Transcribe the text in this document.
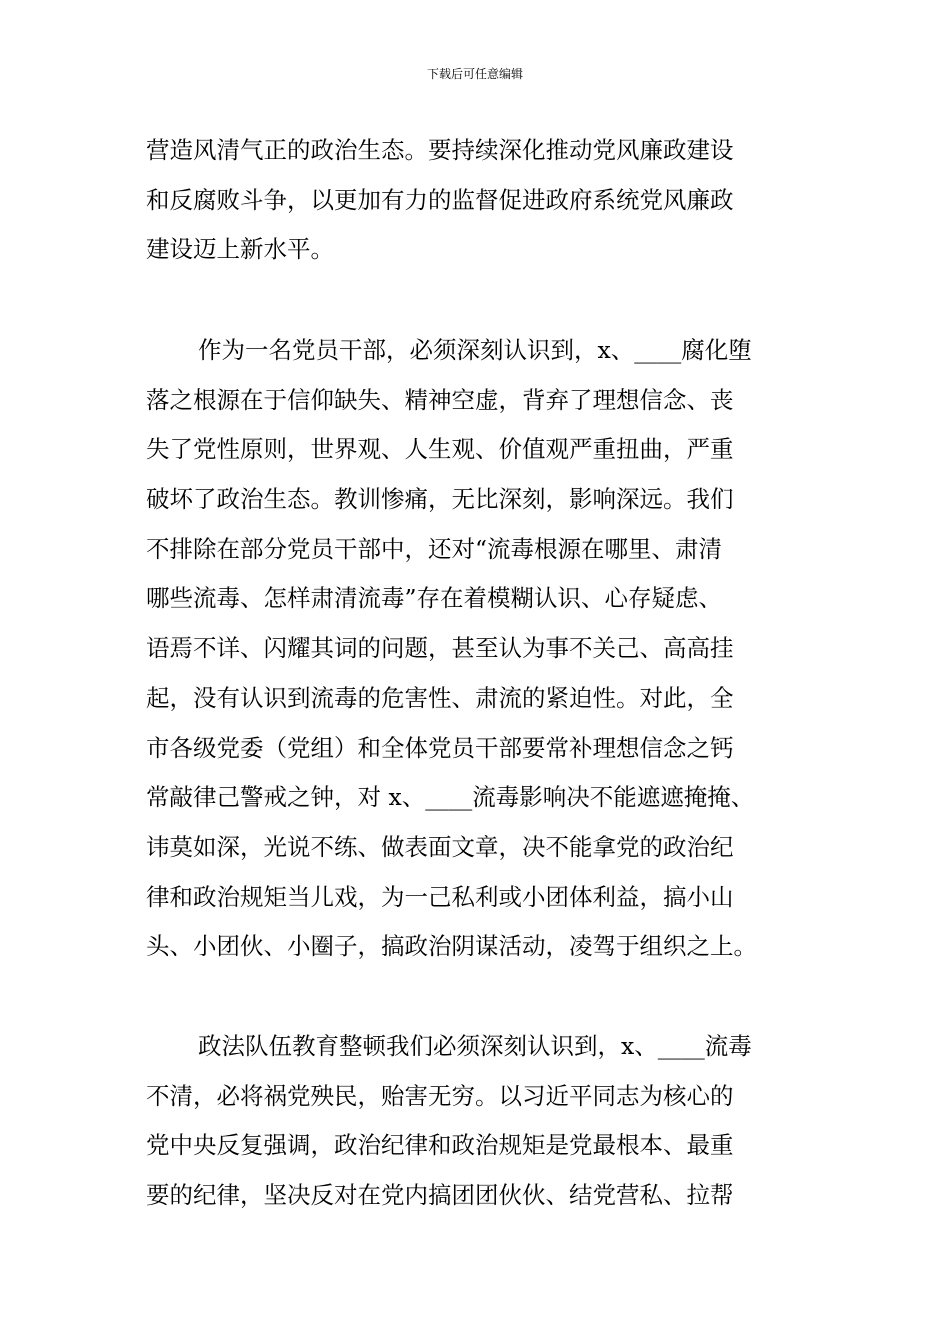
下载后可任意编辑
营造风清气正的政治生态。要持续深化推动党风廉政建设
和反腐败斗争，以更加有力的监督促进政府系统党风廉政
建设迈上新水平。
作为一名党员干部，必须深刻认识到，x、____腐化堕
落之根源在于信仰缺失、精神空虚，背弃了理想信念、丧
失了党性原则，世界观、人生观、价值观严重扭曲，严重
破坏了政治生态。教训惨痛，无比深刻，影响深远。我们
不排除在部分党员干部中，还对“流毒根源在哪里、肃清
哪些流毒、怎样肃清流毒”存在着模糊认识、心存疑虑、
语焉不详、闪耀其词的问题，甚至认为事不关己、高高挂
起，没有认识到流毒的危害性、肃流的紧迫性。对此，全
市各级党委（党组）和全体党员干部要常补理想信念之钙
常敲律己警戒之钟，对 x、____流毒影响决不能遮遮掩掩、
讳莫如深，光说不练、做表面文章，决不能拿党的政治纪
律和政治规矩当儿戏，为一己私利或小团体利益，搞小山
头、小团伙、小圈子，搞政治阴谋活动，凌驾于组织之上。
政法队伍教育整顿我们必须深刻认识到，x、____流毒
不清，必将祸党殃民，贻害无穷。以习近平同志为核心的
党中央反复强调，政治纪律和政治规矩是党最根本、最重
要的纪律，坚决反对在党内搞团团伙伙、结党营私、拉帮
